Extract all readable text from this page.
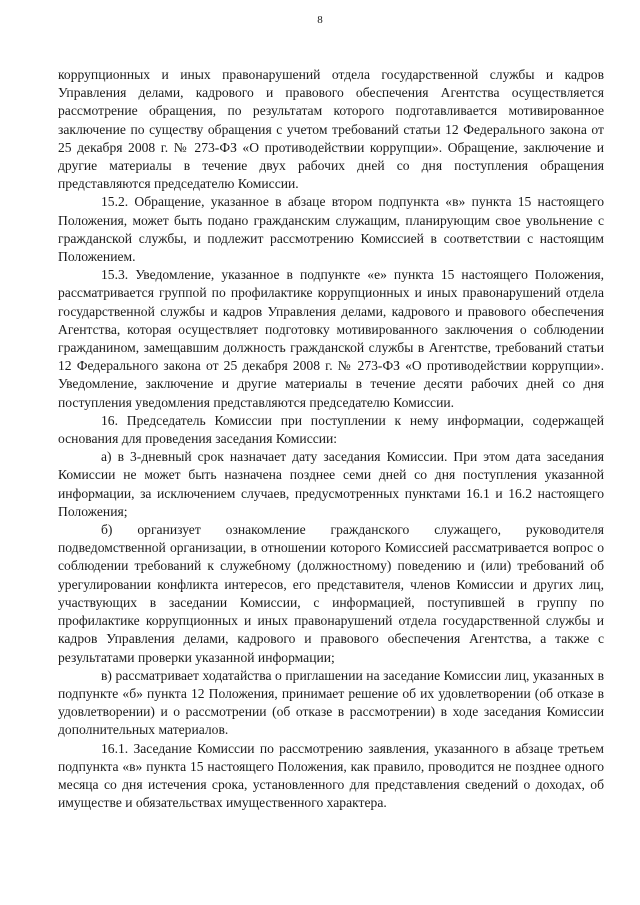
8

коррупционных и иных правонарушений отдела государственной службы и кадров Управления делами, кадрового и правового обеспечения Агентства осуществляется рассмотрение обращения, по результатам которого подготавливается мотивированное заключение по существу обращения с учетом требований статьи 12 Федерального закона от 25 декабря 2008 г. № 273-ФЗ «О противодействии коррупции». Обращение, заключение и другие материалы в течение двух рабочих дней со дня поступления обращения представляются председателю Комиссии.

15.2. Обращение, указанное в абзаце втором подпункта «в» пункта 15 настоящего Положения, может быть подано гражданским служащим, планирующим свое увольнение с гражданской службы, и подлежит рассмотрению Комиссией в соответствии с настоящим Положением.

15.3. Уведомление, указанное в подпункте «е» пункта 15 настоящего Положения, рассматривается группой по профилактике коррупционных и иных правонарушений отдела государственной службы и кадров Управления делами, кадрового и правового обеспечения Агентства, которая осуществляет подготовку мотивированного заключения о соблюдении гражданином, замещавшим должность гражданской службы в Агентстве, требований статьи 12 Федерального закона от 25 декабря 2008 г. № 273-ФЗ «О противодействии коррупции». Уведомление, заключение и другие материалы в течение десяти рабочих дней со дня поступления уведомления представляются председателю Комиссии.

16. Председатель Комиссии при поступлении к нему информации, содержащей основания для проведения заседания Комиссии:

а) в 3-дневный срок назначает дату заседания Комиссии. При этом дата заседания Комиссии не может быть назначена позднее семи дней со дня поступления указанной информации, за исключением случаев, предусмотренных пунктами 16.1 и 16.2 настоящего Положения;

б) организует ознакомление гражданского служащего, руководителя подведомственной организации, в отношении которого Комиссией рассматривается вопрос о соблюдении требований к служебному (должностному) поведению и (или) требований об урегулировании конфликта интересов, его представителя, членов Комиссии и других лиц, участвующих в заседании Комиссии, с информацией, поступившей в группу по профилактике коррупционных и иных правонарушений отдела государственной службы и кадров Управления делами, кадрового и правового обеспечения Агентства, а также с результатами проверки указанной информации;

в) рассматривает ходатайства о приглашении на заседание Комиссии лиц, указанных в подпункте «б» пункта 12 Положения, принимает решение об их удовлетворении (об отказе в удовлетворении) и о рассмотрении (об отказе в рассмотрении) в ходе заседания Комиссии дополнительных материалов.

16.1. Заседание Комиссии по рассмотрению заявления, указанного в абзаце третьем подпункта «в» пункта 15 настоящего Положения, как правило, проводится не позднее одного месяца со дня истечения срока, установленного для представления сведений о доходах, об имуществе и обязательствах имущественного характера.
